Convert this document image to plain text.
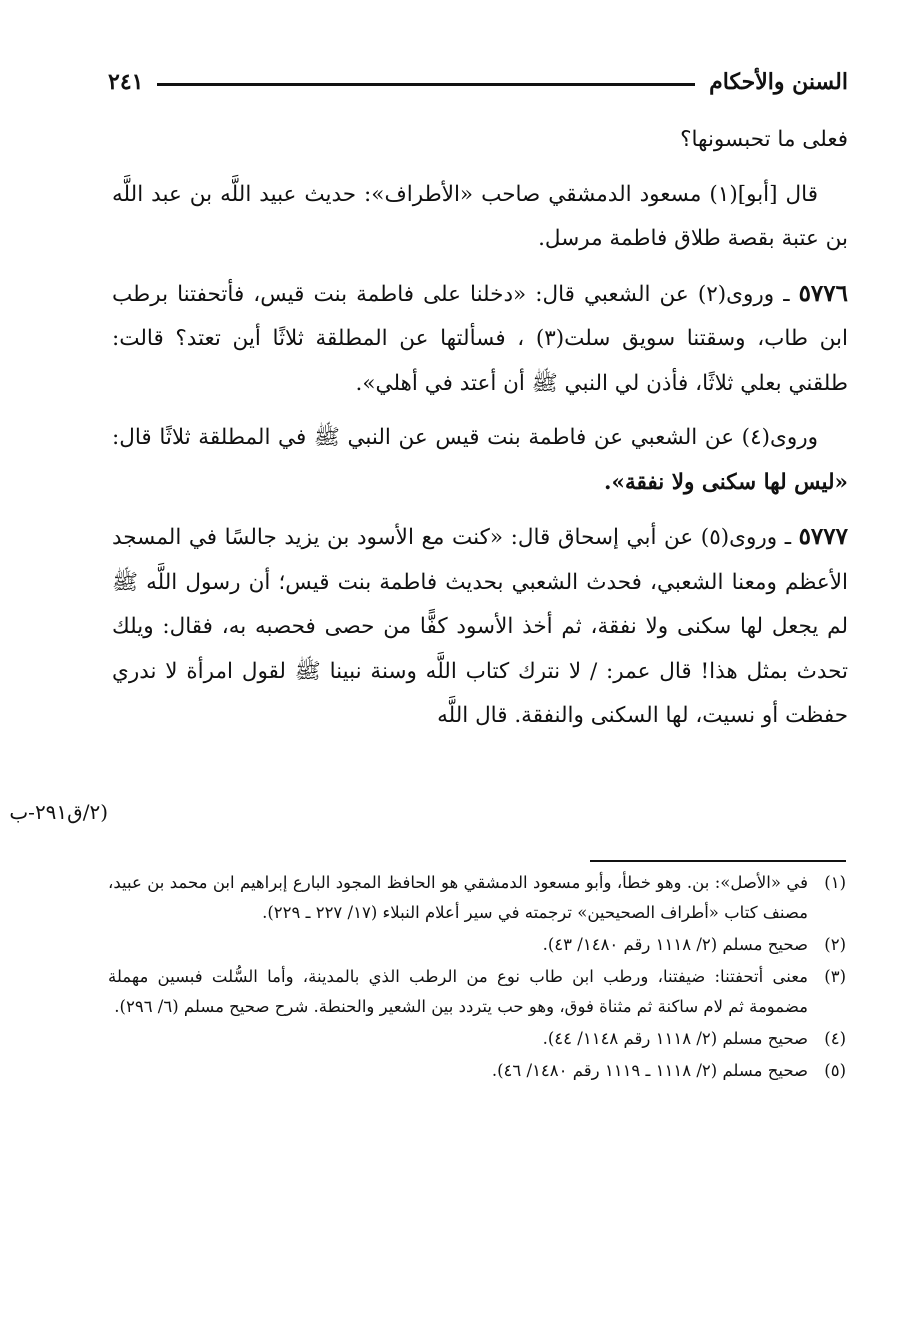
السنن والأحكام
٢٤١

فعلى ما تحبسونها؟

قال [أبو](١) مسعود الدمشقي صاحب «الأطراف»: حديث عبيد اللَّه بن عبد اللَّه بن عتبة بقصة طلاق فاطمة مرسل.

٥٧٧٦ ـ وروى(٢) عن الشعبي قال: «دخلنا على فاطمة بنت قيس، فأتحفتنا برطب ابن طاب، وسقتنا سويق سلت(٣) ، فسألتها عن المطلقة ثلاثًا أين تعتد؟ قالت: طلقني بعلي ثلاثًا، فأذن لي النبي ﷺ أن أعتد في أهلي».

وروى(٤) عن الشعبي عن فاطمة بنت قيس عن النبي ﷺ في المطلقة ثلاثًا قال: «ليس لها سكنى ولا نفقة».

٥٧٧٧ ـ وروى(٥) عن أبي إسحاق قال: «كنت مع الأسود بن يزيد جالسًا في المسجد الأعظم ومعنا الشعبي، فحدث الشعبي بحديث فاطمة بنت قيس؛ أن رسول اللَّه ﷺ لم يجعل لها سكنى ولا نفقة، ثم أخذ الأسود كفًّا من حصى فحصبه به، فقال: ويلك تحدث بمثل هذا! قال عمر: / لا نترك كتاب اللَّه وسنة نبينا ﷺ لقول امرأة لا ندري حفظت أو نسيت، لها السكنى والنفقة. قال اللَّه

(٢/ق٢٩١-ب

(١)
في «الأصل»: بن. وهو خطأ، وأبو مسعود الدمشقي هو الحافظ المجود البارع إبراهيم ابن محمد بن عبيد، مصنف كتاب «أطراف الصحيحين» ترجمته في سير أعلام النبلاء (١٧/ ٢٢٧ ـ ٢٢٩).

(٢)
صحيح مسلم (٢/ ١١١٨ رقم ١٤٨٠/ ٤٣).

(٣)
معنى أتحفتنا: ضيفتنا، ورطب ابن طاب نوع من الرطب الذي بالمدينة، وأما السُّلت فبسين مهملة مضمومة ثم لام ساكنة ثم مثناة فوق، وهو حب يتردد بين الشعير والحنطة. شرح صحيح مسلم (٦/ ٢٩٦).

(٤)
صحيح مسلم (٢/ ١١١٨ رقم ١١٤٨/ ٤٤).

(٥)
صحيح مسلم (٢/ ١١١٨ ـ ١١١٩ رقم ١٤٨٠/ ٤٦).
